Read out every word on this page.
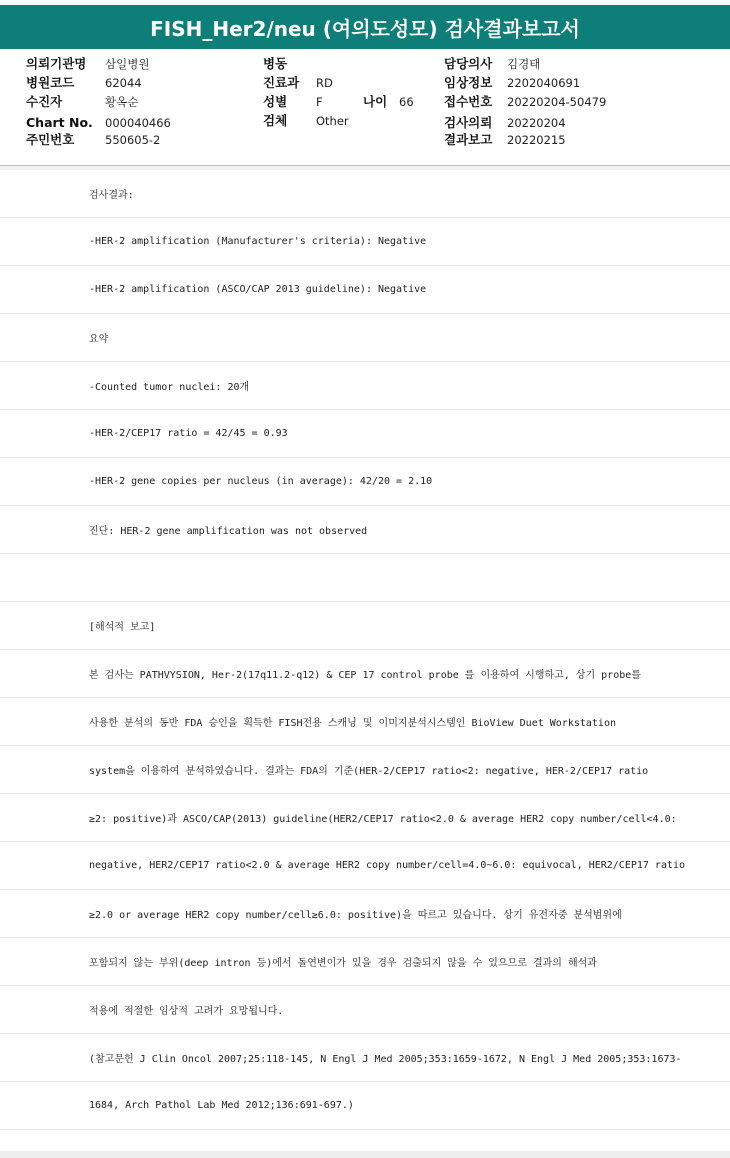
FISH_Her2/neu (여의도성모) 검사결과보고서
의뢰기관명 삼일병원
병원코드	62044
수진자	황옥순
Chart No. 000040466
주민번호	550605-2
병동
진료과 RD
성별	F	나이 66
검체	Other
담당의사 김경태
임상정보 2202040691
접수번호 20220204-50479
검사의뢰 20220204
결과보고 20220215
검사결과:
-HER-2 amplification (Manufacturer's criteria): Negative
-HER-2 amplification (ASCO/CAP 2013 guideline): Negative
요약
-Counted tumor nuclei: 20개
-HER-2/CEP17 ratio = 42/45 = 0.93
-HER-2 gene copies per nucleus (in average): 42/20 = 2.10
진단: HER-2 gene amplification was not observed
[해석적 보고]
본 검사는 PATHVYSION, Her-2(17q11.2-q12) & CEP 17 control probe 를 이용하여 시행하고, 상기 probe를
사용한 분석의 동반 FDA 승인을 획득한 FISH전용 스캐닝 및 이미지분석시스템인 BioView Duet Workstation
system을 이용하여 분석하였습니다. 결과는 FDA의 기준(HER-2/CEP17 ratio<2: negative, HER-2/CEP17 ratio
≥2: positive)과 ASCO/CAP(2013) guideline(HER2/CEP17 ratio<2.0 & average HER2 copy number/cell<4.0:
negative, HER2/CEP17 ratio<2.0 & average HER2 copy number/cell=4.0~6.0: equivocal, HER2/CEP17 ratio
≥2.0 or average HER2 copy number/cell≥6.0: positive)을 따르고 있습니다. 상기 유전자중 분석범위에
포함되지 않는 부위(deep intron 등)에서 돌연변이가 있을 경우 검출되지 않을 수 있으므로 결과의 해석과
적용에 적절한 임상적 고려가 요망됩니다.
(참고문헌 J Clin Oncol 2007;25:118-145, N Engl J Med 2005;353:1659-1672, N Engl J Med 2005;353:1673-
1684, Arch Pathol Lab Med 2012;136:691-697.)
